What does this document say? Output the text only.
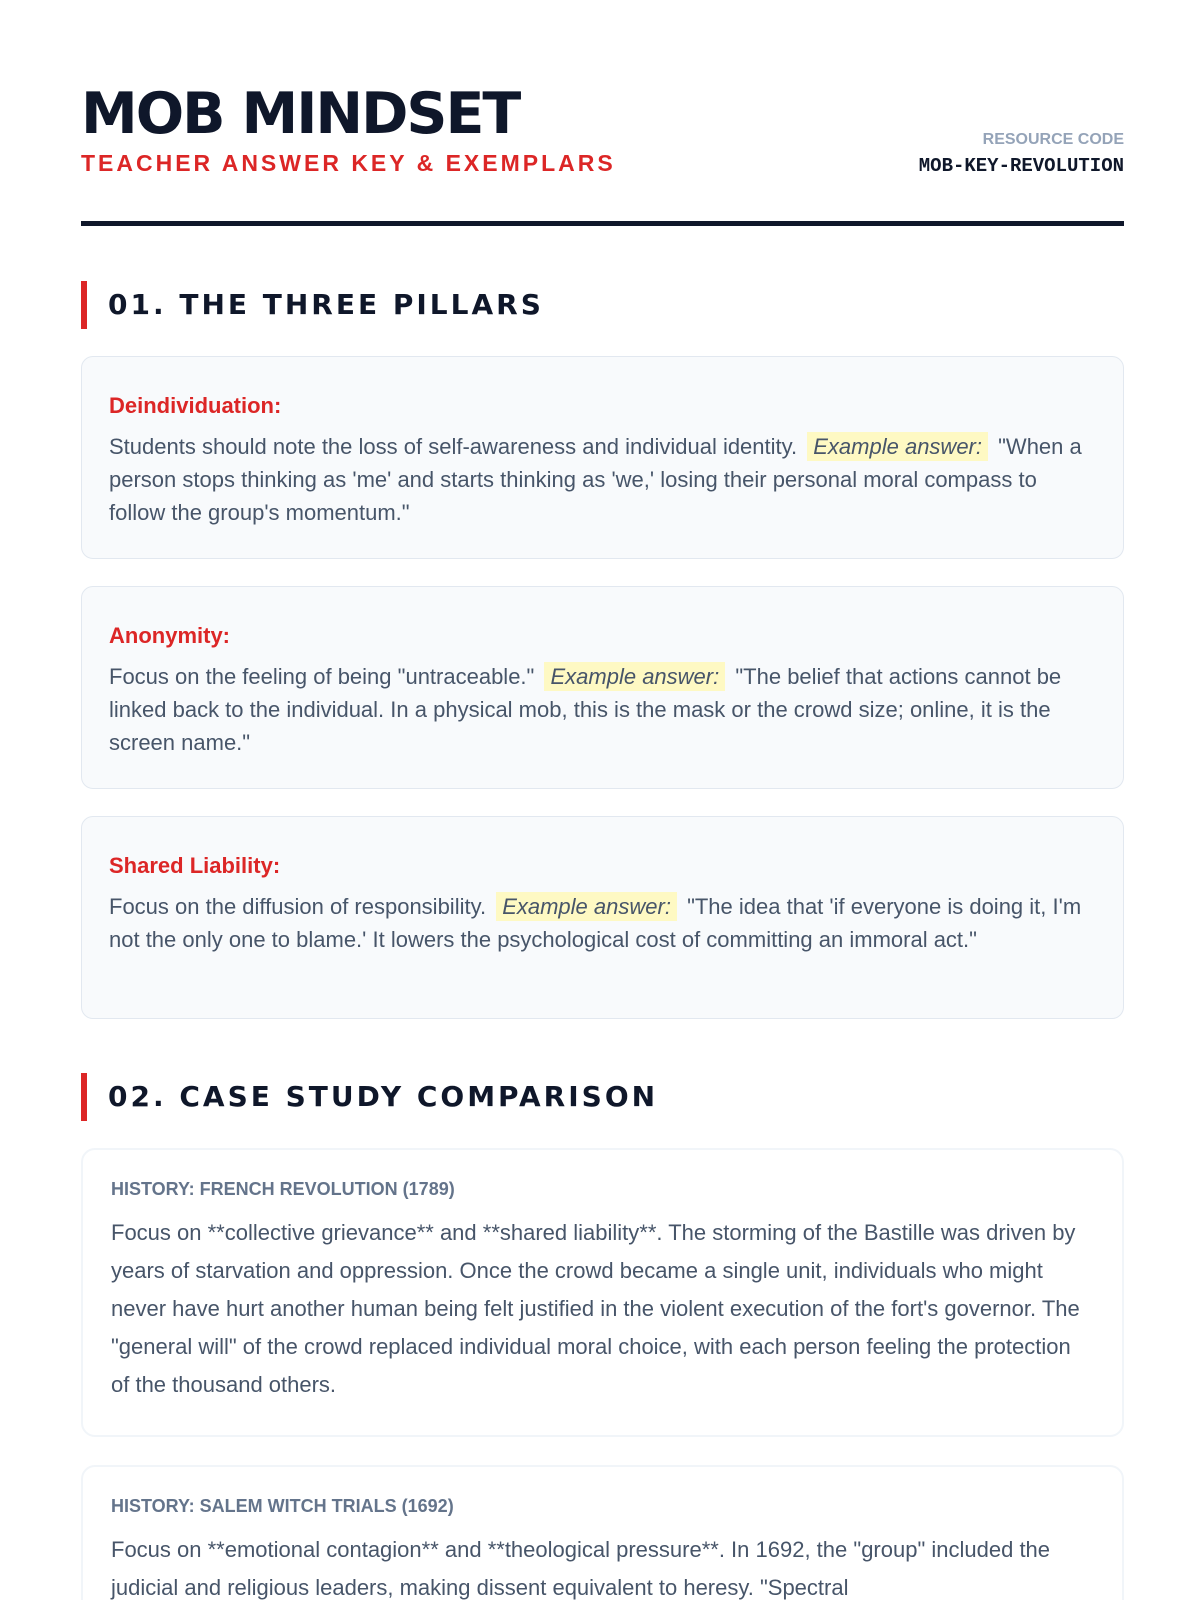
MOB MINDSET
TEACHER ANSWER KEY & EXEMPLARS
RESOURCE CODE
MOB-KEY-REVOLUTION
01. THE THREE PILLARS
Deindividuation:

Students should note the loss of self-awareness and individual identity. Example answer: "When a person stops thinking as 'me' and starts thinking as 'we,' losing their personal moral compass to follow the group's momentum."

Anonymity:

Focus on the feeling of being "untraceable." Example answer: "The belief that actions cannot be linked back to the individual. In a physical mob, this is the mask or the crowd size; online, it is the screen name."

Shared Liability:

Focus on the diffusion of responsibility. Example answer: "The idea that 'if everyone is doing it, I'm not the only one to blame.' It lowers the psychological cost of committing an immoral act."

02. CASE STUDY COMPARISON
HISTORY: FRENCH REVOLUTION (1789)

Focus on **collective grievance** and **shared liability**. The storming of the Bastille was driven by years of starvation and oppression. Once the crowd became a single unit, individuals who might never have hurt another human being felt justified in the violent execution of the fort's governor. The "general will" of the crowd replaced individual moral choice, with each person feeling the protection of the thousand others.

HISTORY: SALEM WITCH TRIALS (1692)

Focus on **emotional contagion** and **theological pressure**. In 1692, the "group" included the judicial and religious leaders, making dissent equivalent to heresy. "Spectral
